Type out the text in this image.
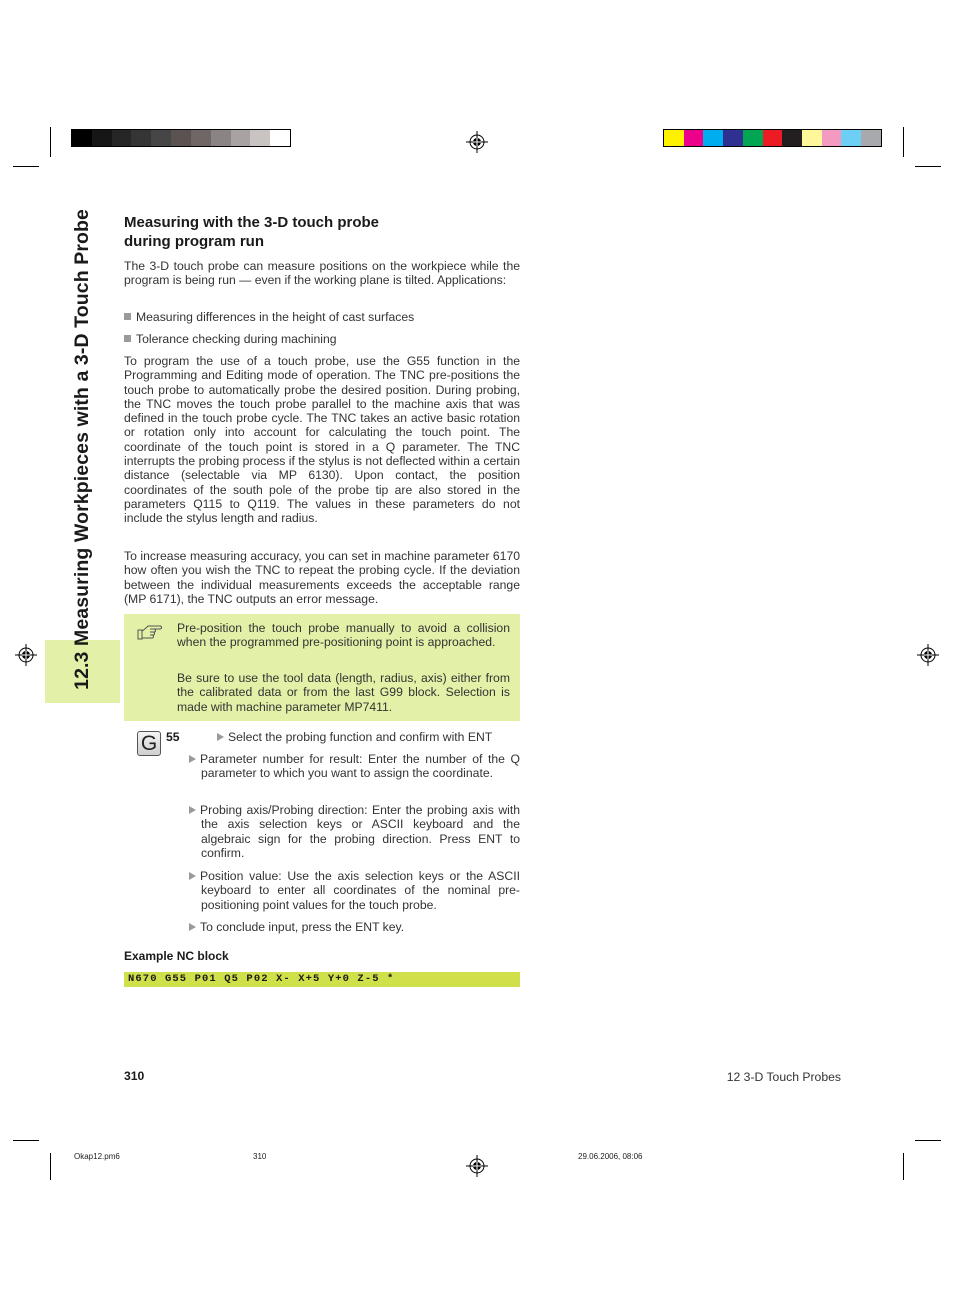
12.3 Measuring Workpieces with a 3-D Touch Probe Measuring with the 3-D touch probe
during program run
The 3-D touch probe can measure positions on the workpiece while the program is being run — even if the working plane is tilted. Applications:
Measuring differences in the height of cast surfaces
Tolerance checking during machining
To program the use of a touch probe, use the G55 function in the Programming and Editing mode of operation. The TNC pre-positions the touch probe to automatically probe the desired position. During probing, the TNC moves the touch probe parallel to the machine axis that was defined in the touch probe cycle. The TNC takes an active basic rotation or rotation only into account for calculating the touch point. The coordinate of the touch point is stored in a Q parameter. The TNC interrupts the probing process if the stylus is not deflected within a certain distance (selectable via MP 6130). Upon contact, the position coordinates of the south pole of the probe tip are also stored in the parameters Q115 to Q119. The values in these parameters do not include the stylus length and radius.
To increase measuring accuracy, you can set in machine parameter 6170 how often you wish the TNC to repeat the probing cycle. If the deviation between the individual measurements exceeds the acceptable range (MP 6171), the TNC outputs an error message.
Pre-position the touch probe manually to avoid a collision when the programmed pre-positioning point is approached.
Be sure to use the tool data (length, radius, axis) either from the calibrated data or from the last G99 block. Selection is made with machine parameter MP7411.
G 55	Select the probing function and confirm with ENT
Parameter number for result: Enter the number of the Q parameter to which you want to assign the coordinate.
Probing axis/Probing direction: Enter the probing axis with the axis selection keys or ASCII keyboard and the algebraic sign for the probing direction. Press ENT to confirm.
Position value: Use the axis selection keys or the ASCII keyboard to enter all coordinates of the nominal pre-positioning point values for the touch probe.
To conclude input, press the ENT key.
Example NC block
N670 G55 P01 Q5 P02 X- X+5 Y+0 Z-5 *
310	12 3-D Touch Probes
Okap12.pm6	310	29.06.2006, 08:06
